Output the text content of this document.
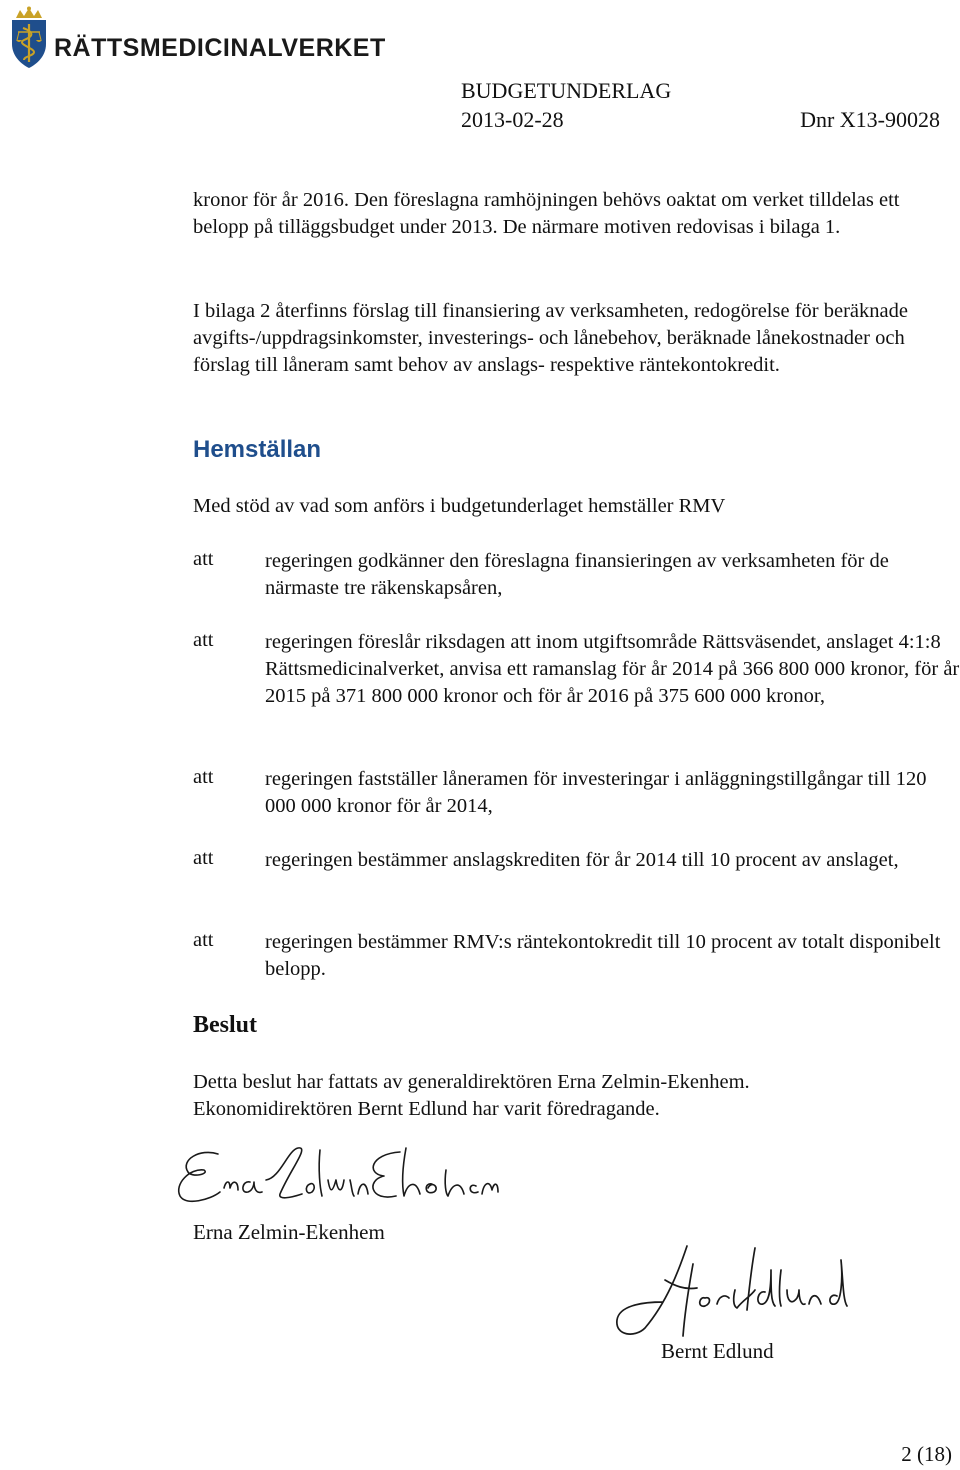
RÄTTSMEDICINALVERKET
BUDGETUNDERLAG
2013-02-28	Dnr X13-90028
kronor för år 2016. Den föreslagna ramhöjningen behövs oaktat om verket tilldelas ett belopp på tilläggsbudget under 2013. De närmare motiven redovisas i bilaga 1.
I bilaga 2 återfinns förslag till finansiering av verksamheten, redogörelse för beräknade avgifts-/uppdragsinkomster, investerings- och lånebehov, beräknade lånekostnader och förslag till låneram samt behov av anslags- respektive räntekontokredit.
Hemställan
Med stöd av vad som anförs i budgetunderlaget hemställer RMV
att	regeringen godkänner den föreslagna finansieringen av verksamheten för de närmaste tre räkenskapsåren,
att	regeringen föreslår riksdagen att inom utgiftsområde Rättsväsendet, anslaget 4:1:8 Rättsmedicinalverket, anvisa ett ramanslag för år 2014 på 366 800 000 kronor, för år 2015 på 371 800 000 kronor och för år 2016 på 375 600 000 kronor,
att	regeringen fastställer låneramen för investeringar i anläggningstillgångar till 120 000 000 kronor för år 2014,
att	regeringen bestämmer anslagskrediten för år 2014 till 10 procent av anslaget,
att	regeringen bestämmer RMV:s räntekontokredit till 10 procent av totalt disponibelt belopp.
Beslut
Detta beslut har fattats av generaldirektören Erna Zelmin-Ekenhem.
Ekonomidirektören Bernt Edlund har varit föredragande.
Erna Zelmin-Ekenhem
Bernt Edlund
2 (18)
